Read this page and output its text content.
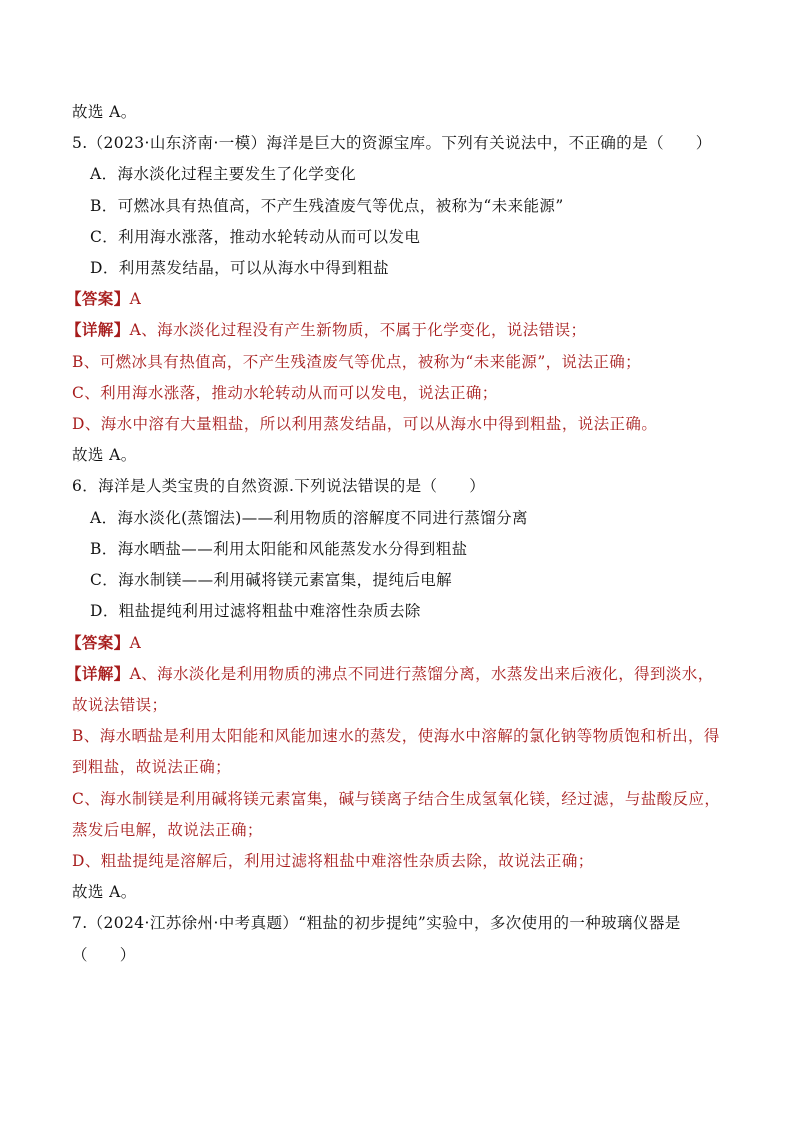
故选 A。
5.（2023·山东济南·一模）海洋是巨大的资源宝库。下列有关说法中，不正确的是（　　）
A．海水淡化过程主要发生了化学变化
B．可燃冰具有热值高，不产生残渣废气等优点，被称为“未来能源”
C．利用海水涨落，推动水轮转动从而可以发电
D．利用蒸发结晶，可以从海水中得到粗盐
【答案】A
【详解】A、海水淡化过程没有产生新物质，不属于化学变化，说法错误；
B、可燃冰具有热值高，不产生残渣废气等优点，被称为“未来能源”，说法正确；
C、利用海水涨落，推动水轮转动从而可以发电，说法正确；
D、海水中溶有大量粗盐，所以利用蒸发结晶，可以从海水中得到粗盐，说法正确。
故选 A。
6．海洋是人类宝贵的自然资源.下列说法错误的是（　　）
A．海水淡化(蒸馏法)——利用物质的溶解度不同进行蒸馏分离
B．海水晒盐——利用太阳能和风能蒸发水分得到粗盐
C．海水制镁——利用碱将镁元素富集，提纯后电解
D．粗盐提纯利用过滤将粗盐中难溶性杂质去除
【答案】A
【详解】A、海水淡化是利用物质的沸点不同进行蒸馏分离，水蒸发出来后液化，得到淡水，
故说法错误；
B、海水晒盐是利用太阳能和风能加速水的蒸发，使海水中溶解的氯化钠等物质饱和析出，得
到粗盐，故说法正确；
C、海水制镁是利用碱将镁元素富集，碱与镁离子结合生成氢氧化镁，经过滤，与盐酸反应，
蒸发后电解，故说法正确；
D、粗盐提纯是溶解后，利用过滤将粗盐中难溶性杂质去除，故说法正确；
故选 A。
7.（2024·江苏徐州·中考真题）“粗盐的初步提纯”实验中，多次使用的一种玻璃仪器是
（　　）
